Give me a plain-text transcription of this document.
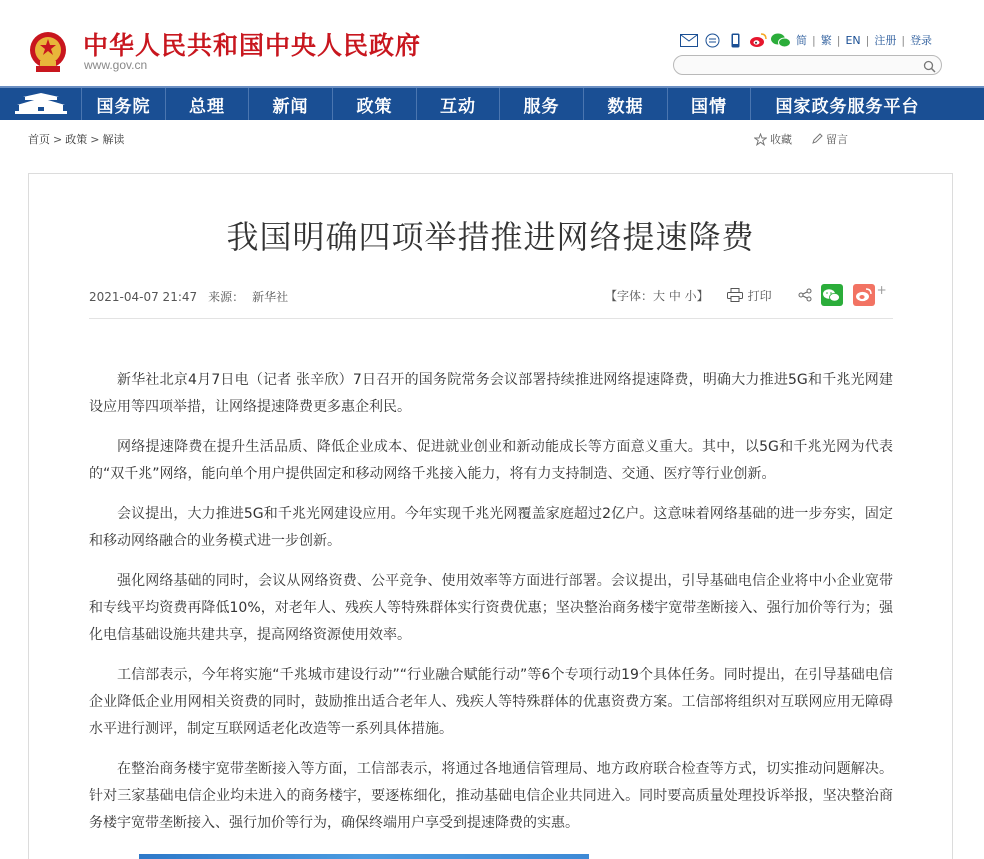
中华人民共和国中央人民政府
www.gov.cn
简 | 繁 | EN | 注册 | 登录
国务院	总理	新闻	政策	互动	服务	数据	国情	国家政务服务平台
首页 > 政策 > 解读	收藏	留言
我国明确四项举措推进网络提速降费
2021-04-07 21:47 来源： 新华社	【字体：大 中 小】	打印	+

新华社北京4月7日电（记者 张辛欣）7日召开的国务院常务会议部署持续推进网络提速降费，明确大力推进5G和千兆光网建设应用等四项举措，让网络提速降费更多惠企利民。

网络提速降费在提升生活品质、降低企业成本、促进就业创业和新动能成长等方面意义重大。其中，以5G和千兆光网为代表的“双千兆”网络，能向单个用户提供固定和移动网络千兆接入能力，将有力支持制造、交通、医疗等行业创新。

会议提出，大力推进5G和千兆光网建设应用。今年实现千兆光网覆盖家庭超过2亿户。这意味着网络基础的进一步夯实，固定和移动网络融合的业务模式进一步创新。

强化网络基础的同时，会议从网络资费、公平竞争、使用效率等方面进行部署。会议提出，引导基础电信企业将中小企业宽带和专线平均资费再降低10%，对老年人、残疾人等特殊群体实行资费优惠；坚决整治商务楼宇宽带垄断接入、强行加价等行为；强化电信基础设施共建共享，提高网络资源使用效率。

工信部表示，今年将实施“千兆城市建设行动”“行业融合赋能行动”等6个专项行动19个具体任务。同时提出，在引导基础电信企业降低企业用网相关资费的同时，鼓励推出适合老年人、残疾人等特殊群体的优惠资费方案。工信部将组织对互联网应用无障碍水平进行测评，制定互联网适老化改造等一系列具体措施。

在整治商务楼宇宽带垄断接入等方面，工信部表示，将通过各地通信管理局、地方政府联合检查等方式，切实推动问题解决。针对三家基础电信企业均未进入的商务楼宇，要逐栋细化，推动基础电信企业共同进入。同时要高质量处理投诉举报，坚决整治商务楼宇宽带垄断接入、强行加价等行为，确保终端用户享受到提速降费的实惠。
